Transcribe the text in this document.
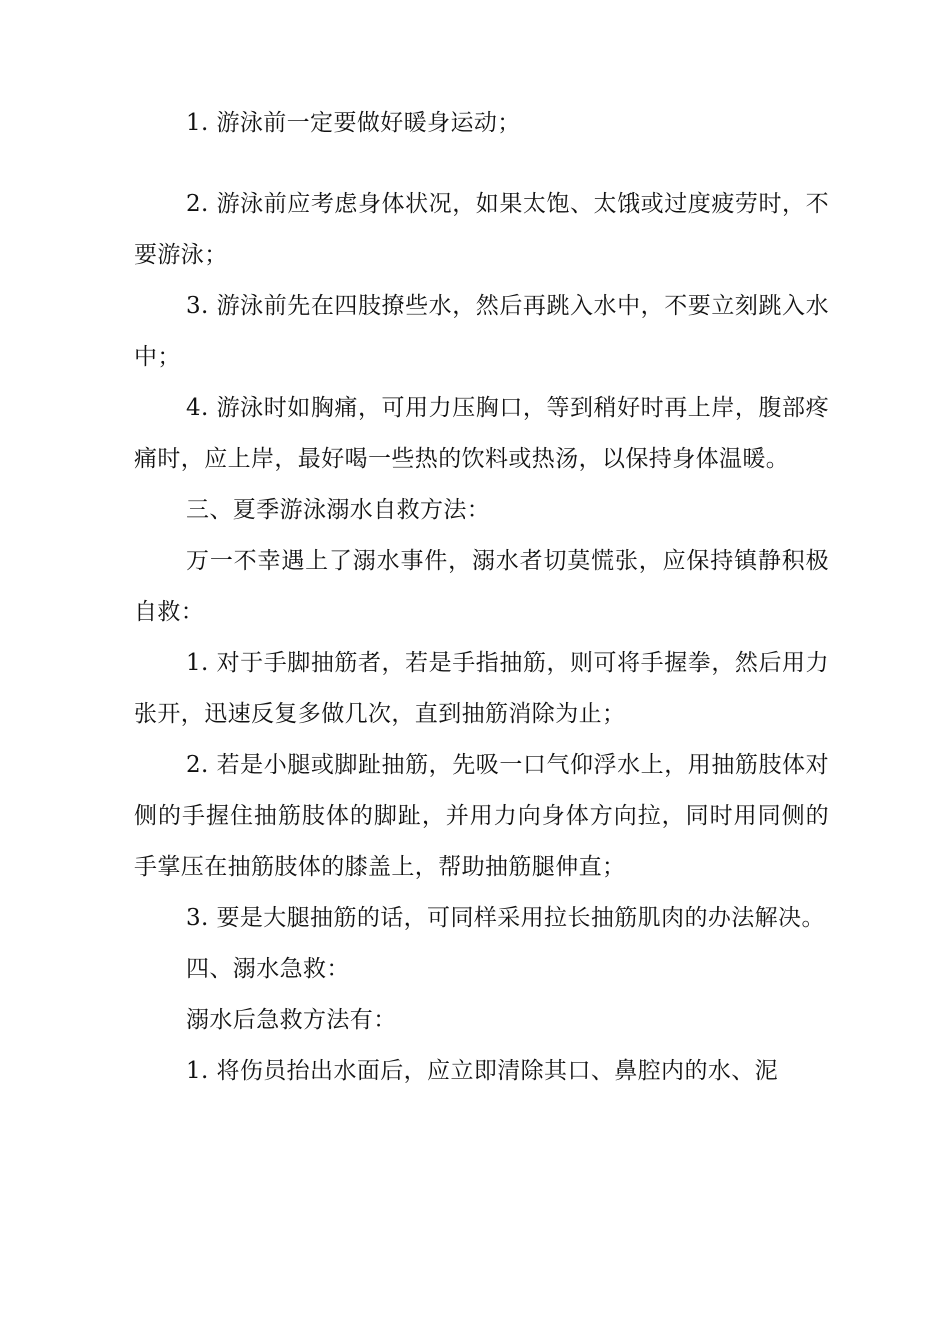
1. 游泳前一定要做好暖身运动；

2. 游泳前应考虑身体状况，如果太饱、太饿或过度疲劳时，不要游泳；

3. 游泳前先在四肢撩些水，然后再跳入水中，不要立刻跳入水中；

4. 游泳时如胸痛，可用力压胸口，等到稍好时再上岸，腹部疼痛时，应上岸，最好喝一些热的饮料或热汤，以保持身体温暖。

三、夏季游泳溺水自救方法：

万一不幸遇上了溺水事件，溺水者切莫慌张，应保持镇静积极自救：

1. 对于手脚抽筋者，若是手指抽筋，则可将手握拳，然后用力张开，迅速反复多做几次，直到抽筋消除为止；

2. 若是小腿或脚趾抽筋，先吸一口气仰浮水上，用抽筋肢体对侧的手握住抽筋肢体的脚趾，并用力向身体方向拉，同时用同侧的手掌压在抽筋肢体的膝盖上，帮助抽筋腿伸直；

3. 要是大腿抽筋的话，可同样采用拉长抽筋肌肉的办法解决。

四、溺水急救：

溺水后急救方法有：

1. 将伤员抬出水面后，应立即清除其口、鼻腔内的水、泥
